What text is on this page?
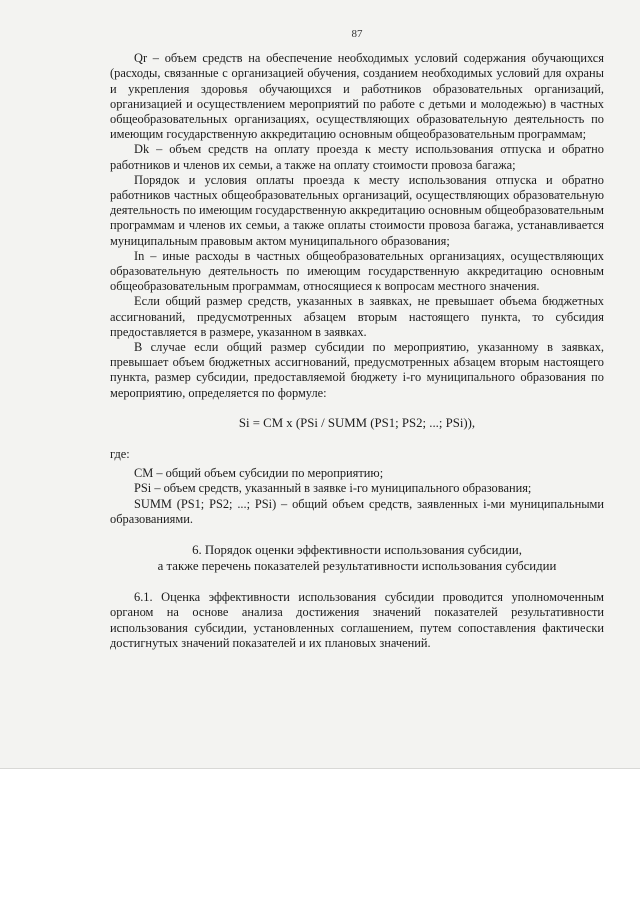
87

Qr – объем средств на обеспечение необходимых условий содержания обучающихся (расходы, связанные с организацией обучения, созданием необходимых условий для охраны и укрепления здоровья обучающихся и работников образовательных организаций, организацией и осуществлением мероприятий по работе с детьми и молодежью) в частных общеобразовательных организациях, осуществляющих образовательную деятельность по имеющим государственную аккредитацию основным общеобразовательным программам;

Dk – объем средств на оплату проезда к месту использования отпуска и обратно работников и членов их семьи, а также на оплату стоимости провоза багажа;

Порядок и условия оплаты проезда к месту использования отпуска и обратно работников частных общеобразовательных организаций, осуществляющих образовательную деятельность по имеющим государственную аккредитацию основным общеобразовательным программам и членов их семьи, а также оплаты стоимости провоза багажа, устанавливается муниципальным правовым актом муниципального образования;

In – иные расходы в частных общеобразовательных организациях, осуществляющих образовательную деятельность по имеющим государственную аккредитацию основным общеобразовательным программам, относящиеся к вопросам местного значения.

Если общий размер средств, указанных в заявках, не превышает объема бюджетных ассигнований, предусмотренных абзацем вторым настоящего пункта, то субсидия предоставляется в размере, указанном в заявках.

В случае если общий размер субсидии по мероприятию, указанному в заявках, превышает объем бюджетных ассигнований, предусмотренных абзацем вторым настоящего пункта, размер субсидии, предоставляемой бюджету i-го муниципального образования по мероприятию, определяется по формуле:

Si = CM x (PSi / SUMM (PS1; PS2; ...; PSi)),

где:

CM – общий объем субсидии по мероприятию;

PSi – объем средств, указанный в заявке i-го муниципального образования;

SUMM (PS1; PS2; ...; PSi) – общий объем средств, заявленных i-ми муниципальными образованиями.

6. Порядок оценки эффективности использования субсидии,
а также перечень показателей результативности использования субсидии

6.1. Оценка эффективности использования субсидии проводится уполномоченным органом на основе анализа достижения значений показателей результативности использования субсидии, установленных соглашением, путем сопоставления фактически достигнутых значений показателей и их плановых значений.
